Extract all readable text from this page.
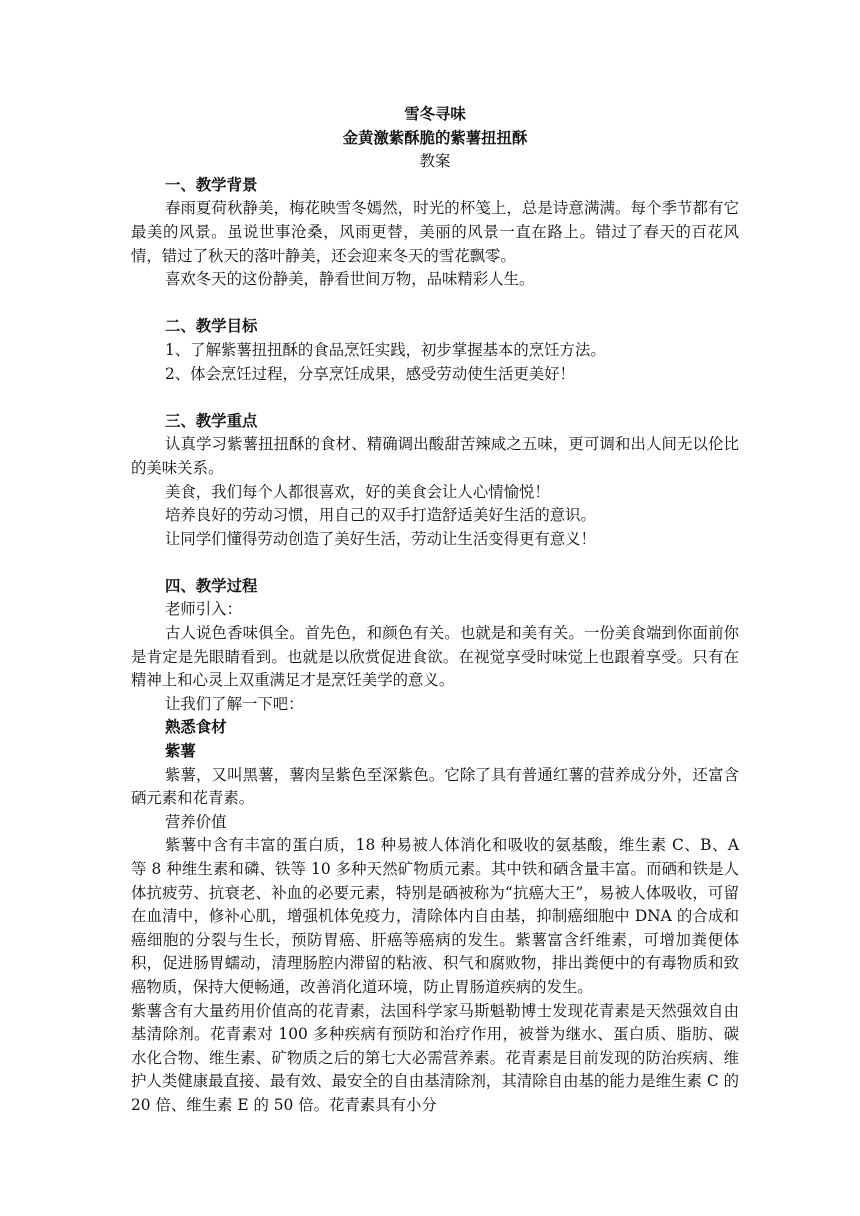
雪冬寻味

金黄激紫酥脆的紫薯扭扭酥

教案

一、教学背景

春雨夏荷秋静美，梅花映雪冬嫣然，时光的杯笺上，总是诗意满满。每个季节都有它最美的风景。虽说世事沧桑，风雨更替，美丽的风景一直在路上。错过了春天的百花风情，错过了秋天的落叶静美，还会迎来冬天的雪花飘零。

喜欢冬天的这份静美，静看世间万物，品味精彩人生。

二、教学目标

1、了解紫薯扭扭酥的食品烹饪实践，初步掌握基本的烹饪方法。

2、体会烹饪过程，分享烹饪成果，感受劳动使生活更美好！

三、教学重点

认真学习紫薯扭扭酥的食材、精确调出酸甜苦辣咸之五味，更可调和出人间无以伦比的美味关系。

美食，我们每个人都很喜欢，好的美食会让人心情愉悦！

培养良好的劳动习惯，用自己的双手打造舒适美好生活的意识。

让同学们懂得劳动创造了美好生活，劳动让生活变得更有意义！

四、教学过程

老师引入：

古人说色香味俱全。首先色，和颜色有关。也就是和美有关。一份美食端到你面前你是肯定是先眼睛看到。也就是以欣赏促进食欲。在视觉享受时味觉上也跟着享受。只有在精神上和心灵上双重满足才是烹饪美学的意义。

让我们了解一下吧：

熟悉食材

紫薯

紫薯，又叫黑薯，薯肉呈紫色至深紫色。它除了具有普通红薯的营养成分外，还富含硒元素和花青素。

营养价值

紫薯中含有丰富的蛋白质，18 种易被人体消化和吸收的氨基酸，维生素 C、B、A 等 8 种维生素和磷、铁等 10 多种天然矿物质元素。其中铁和硒含量丰富。而硒和铁是人体抗疲劳、抗衰老、补血的必要元素，特别是硒被称为“抗癌大王”，易被人体吸收，可留在血清中，修补心肌，增强机体免疫力，清除体内自由基，抑制癌细胞中 DNA 的合成和癌细胞的分裂与生长，预防胃癌、肝癌等癌病的发生。紫薯富含纤维素，可增加粪便体积，促进肠胃蠕动，清理肠腔内滞留的粘液、积气和腐败物，排出粪便中的有毒物质和致癌物质，保持大便畅通，改善消化道环境，防止胃肠道疾病的发生。

紫薯含有大量药用价值高的花青素，法国科学家马斯魁勒博士发现花青素是天然强效自由基清除剂。花青素对 100 多种疾病有预防和治疗作用，被誉为继水、蛋白质、脂肪、碳水化合物、维生素、矿物质之后的第七大必需营养素。花青素是目前发现的防治疾病、维护人类健康最直接、最有效、最安全的自由基清除剂，其清除自由基的能力是维生素 C 的 20 倍、维生素 E 的 50 倍。花青素具有小分
